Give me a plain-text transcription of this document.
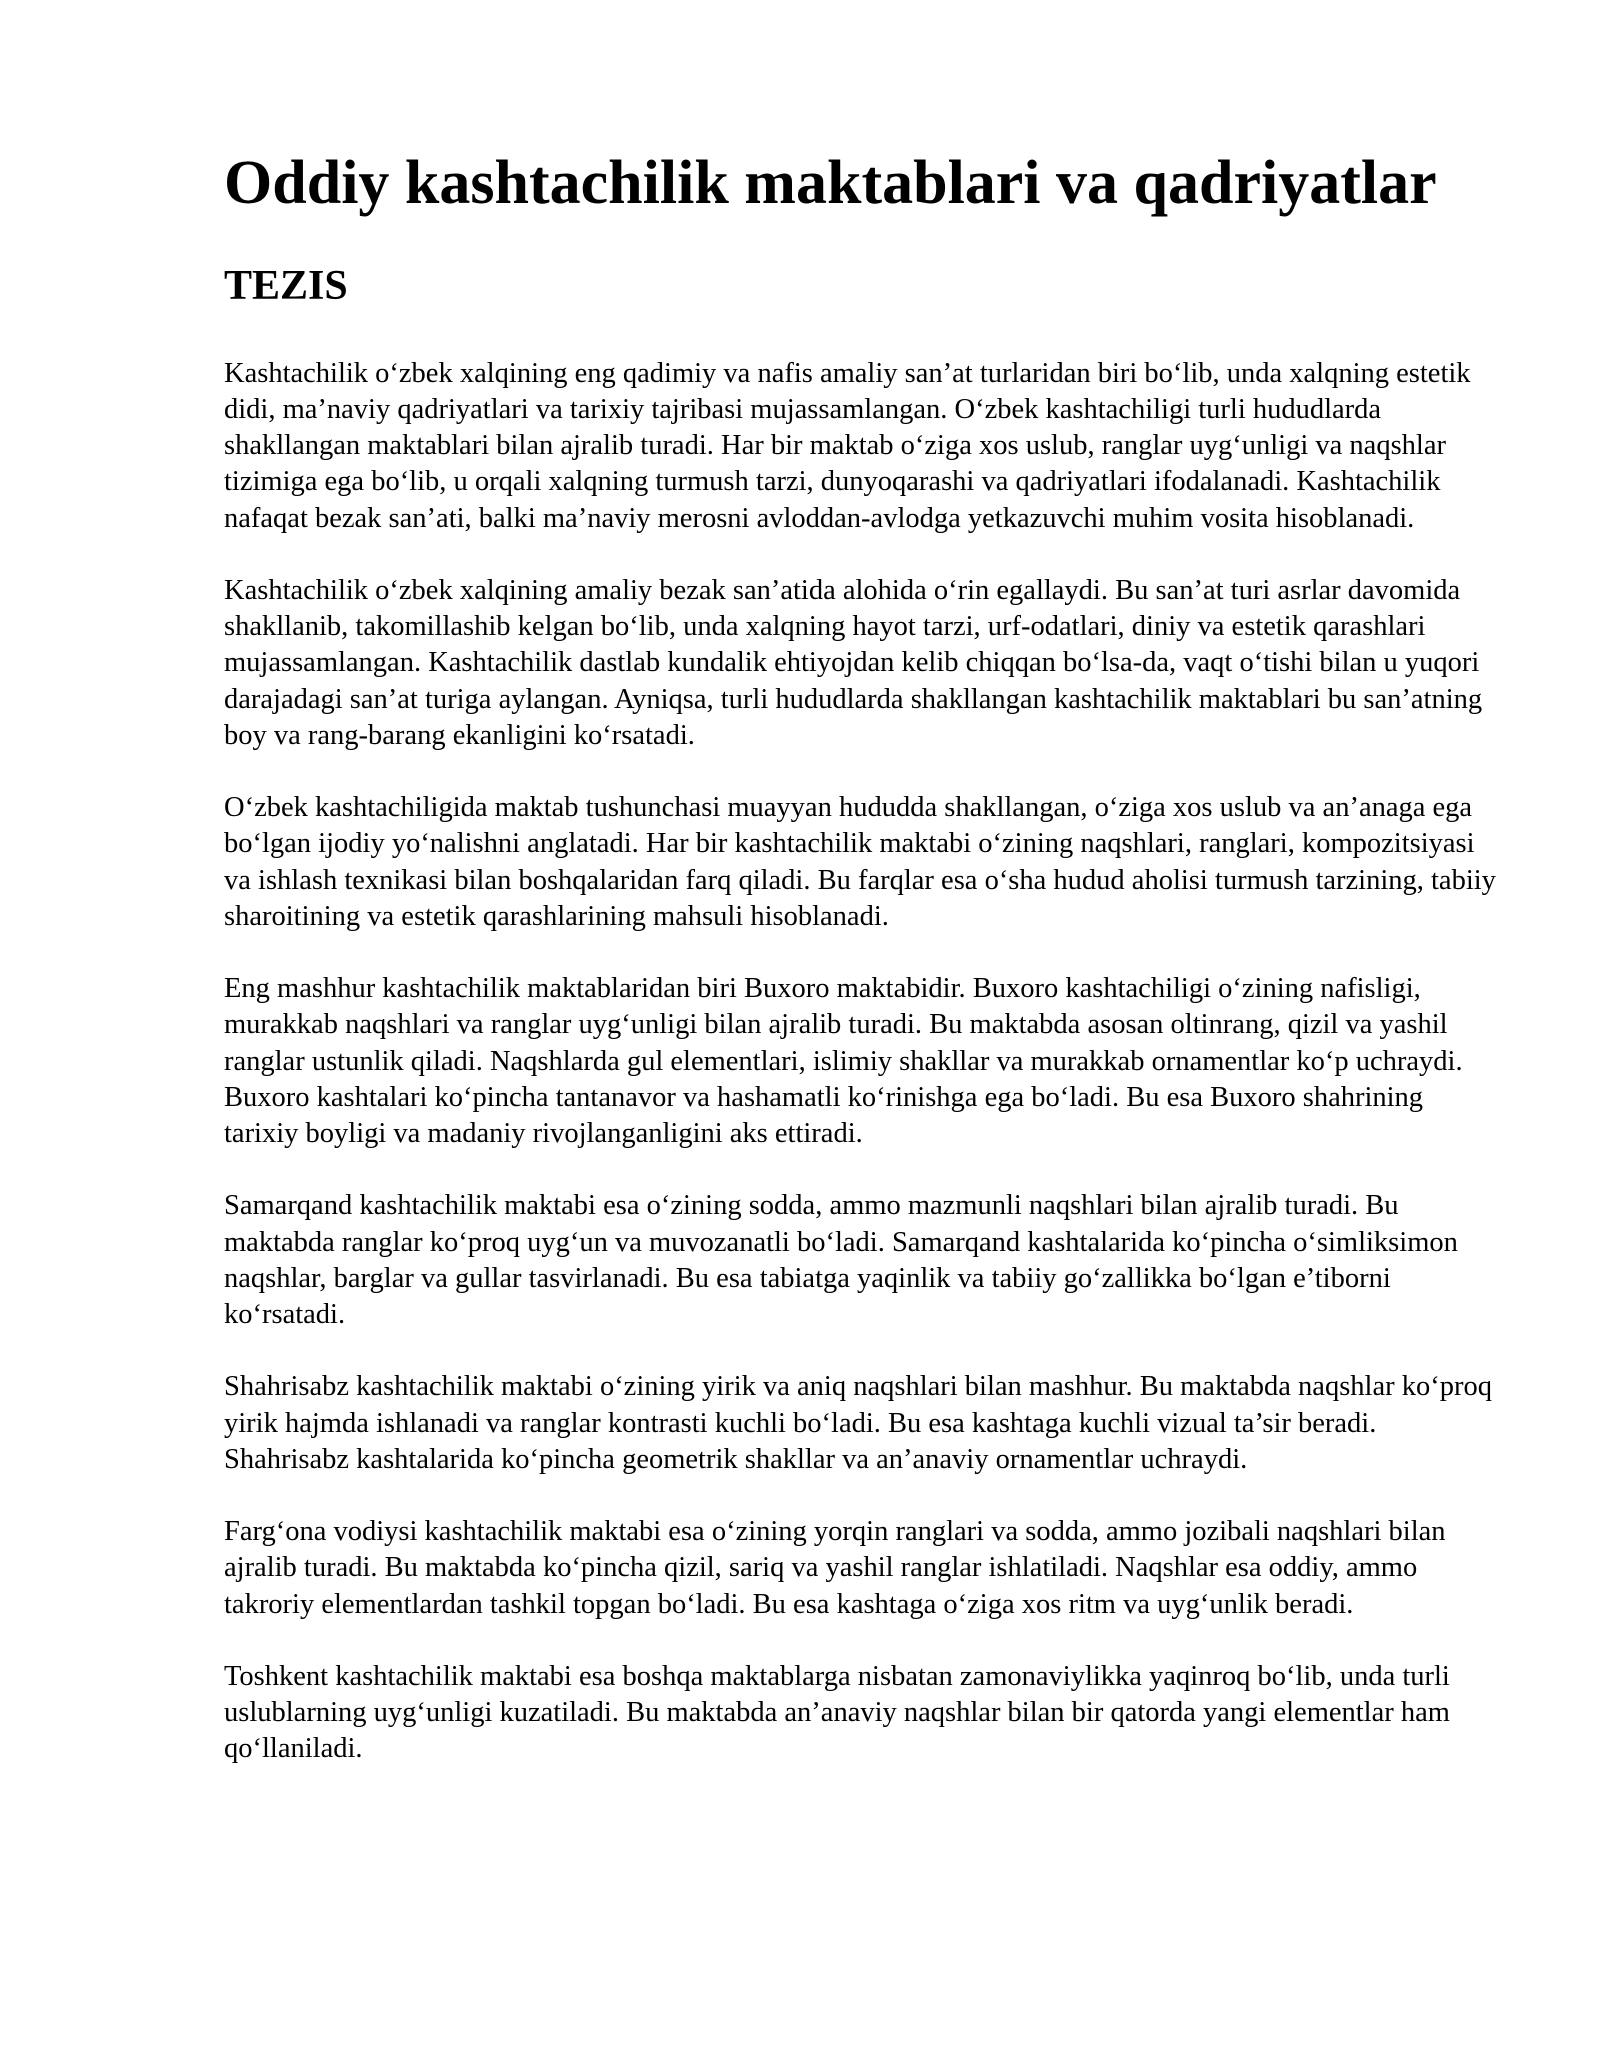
Oddiy kashtachilik maktablari va qadriyatlar
TEZIS

Kashtachilik o‘zbek xalqining eng qadimiy va nafis amaliy san’at turlaridan biri bo‘lib, unda xalqning estetik didi, ma’naviy qadriyatlari va tarixiy tajribasi mujassamlangan. O‘zbek kashtachiligi turli hududlarda shakllangan maktablari bilan ajralib turadi. Har bir maktab o‘ziga xos uslub, ranglar uyg‘unligi va naqshlar tizimiga ega bo‘lib, u orqali xalqning turmush tarzi, dunyoqarashi va qadriyatlari ifodalanadi. Kashtachilik nafaqat bezak san’ati, balki ma’naviy merosni avloddan-avlodga yetkazuvchi muhim vosita hisoblanadi.

Kashtachilik o‘zbek xalqining amaliy bezak san’atida alohida o‘rin egallaydi. Bu san’at turi asrlar davomida shakllanib, takomillashib kelgan bo‘lib, unda xalqning hayot tarzi, urf-odatlari, diniy va estetik qarashlari mujassamlangan. Kashtachilik dastlab kundalik ehtiyojdan kelib chiqqan bo‘lsa-da, vaqt o‘tishi bilan u yuqori darajadagi san’at turiga aylangan. Ayniqsa, turli hududlarda shakllangan kashtachilik maktablari bu san’atning boy va rang-barang ekanligini ko‘rsatadi.

O‘zbek kashtachiligida maktab tushunchasi muayyan hududda shakllangan, o‘ziga xos uslub va an’anaga ega bo‘lgan ijodiy yo‘nalishni anglatadi. Har bir kashtachilik maktabi o‘zining naqshlari, ranglari, kompozitsiyasi va ishlash texnikasi bilan boshqalaridan farq qiladi. Bu farqlar esa o‘sha hudud aholisi turmush tarzining, tabiiy sharoitining va estetik qarashlarining mahsuli hisoblanadi.

Eng mashhur kashtachilik maktablaridan biri Buxoro maktabidir. Buxoro kashtachiligi o‘zining nafisligi, murakkab naqshlari va ranglar uyg‘unligi bilan ajralib turadi. Bu maktabda asosan oltinrang, qizil va yashil ranglar ustunlik qiladi. Naqshlarda gul elementlari, islimiy shakllar va murakkab ornamentlar ko‘p uchraydi. Buxoro kashtalari ko‘pincha tantanavor va hashamatli ko‘rinishga ega bo‘ladi. Bu esa Buxoro shahrining tarixiy boyligi va madaniy rivojlanganligini aks ettiradi.

Samarqand kashtachilik maktabi esa o‘zining sodda, ammo mazmunli naqshlari bilan ajralib turadi. Bu maktabda ranglar ko‘proq uyg‘un va muvozanatli bo‘ladi. Samarqand kashtalarida ko‘pincha o‘simliksimon naqshlar, barglar va gullar tasvirlanadi. Bu esa tabiatga yaqinlik va tabiiy go‘zallikka bo‘lgan e’tiborni ko‘rsatadi.

Shahrisabz kashtachilik maktabi o‘zining yirik va aniq naqshlari bilan mashhur. Bu maktabda naqshlar ko‘proq yirik hajmda ishlanadi va ranglar kontrasti kuchli bo‘ladi. Bu esa kashtaga kuchli vizual ta’sir beradi. Shahrisabz kashtalarida ko‘pincha geometrik shakllar va an’anaviy ornamentlar uchraydi.

Farg‘ona vodiysi kashtachilik maktabi esa o‘zining yorqin ranglari va sodda, ammo jozibali naqshlari bilan ajralib turadi. Bu maktabda ko‘pincha qizil, sariq va yashil ranglar ishlatiladi. Naqshlar esa oddiy, ammo takroriy elementlardan tashkil topgan bo‘ladi. Bu esa kashtaga o‘ziga xos ritm va uyg‘unlik beradi.

Toshkent kashtachilik maktabi esa boshqa maktablarga nisbatan zamonaviylikka yaqinroq bo‘lib, unda turli uslublarning uyg‘unligi kuzatiladi. Bu maktabda an’anaviy naqshlar bilan bir qatorda yangi elementlar ham qo‘llaniladi.
